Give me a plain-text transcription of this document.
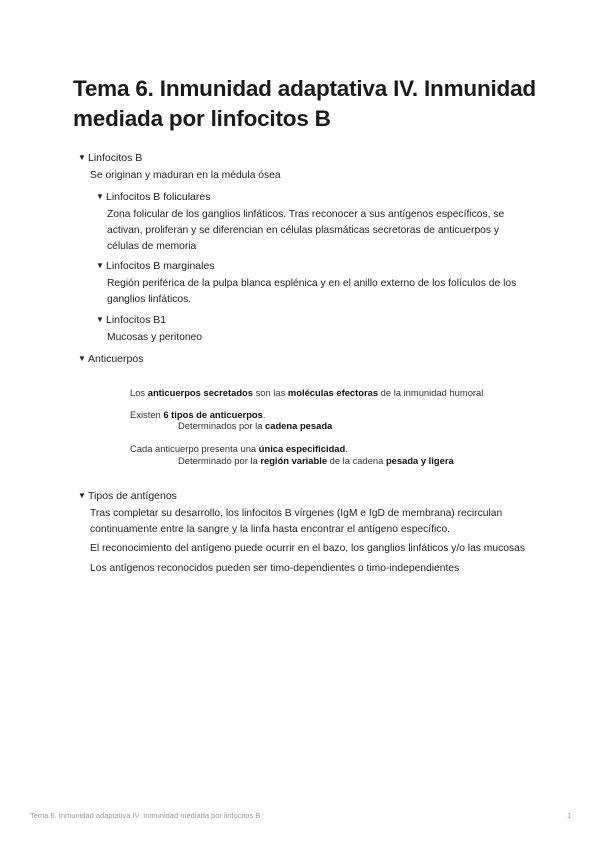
Tema 6. Inmunidad adaptativa IV. Inmunidad mediada por linfocitos B
▼ Linfocitos B
Se originan y maduran en la médula ósea
▼ Linfocitos B foliculares
Zona folicular de los ganglios linfáticos. Tras reconocer a sus antígenos específicos, se activan, proliferan y se diferencian en células plasmáticas secretoras de anticuerpos y células de memoria
▼ Linfocitos B marginales
Región periférica de la pulpa blanca esplénica y en el anillo externo de los folículos de los ganglios linfáticos.
▼ Linfocitos B1
Mucosas y peritoneo
▼ Anticuerpos
Los anticuerpos secretados son las moléculas efectoras de la inmunidad humoral
Existen 6 tipos de anticuerpos.
Determinados por la cadena pesada
Cada anticuerpo presenta una única especificidad.
Determinado por la región variable de la cadena pesada y ligera
▼ Tipos de antígenos
Tras completar su desarrollo, los linfocitos B vírgenes (IgM e IgD de membrana) recirculan continuamente entre la sangre y la linfa hasta encontrar el antígeno específico.
El reconocimiento del antígeno puede ocurrir en el bazo, los ganglios linfáticos y/o las mucosas
Los antígenos reconocidos pueden ser timo-dependientes o timo-independientes
Tema 6. Inmunidad adaptativa IV. Inmunidad mediada por linfocitos B	1
